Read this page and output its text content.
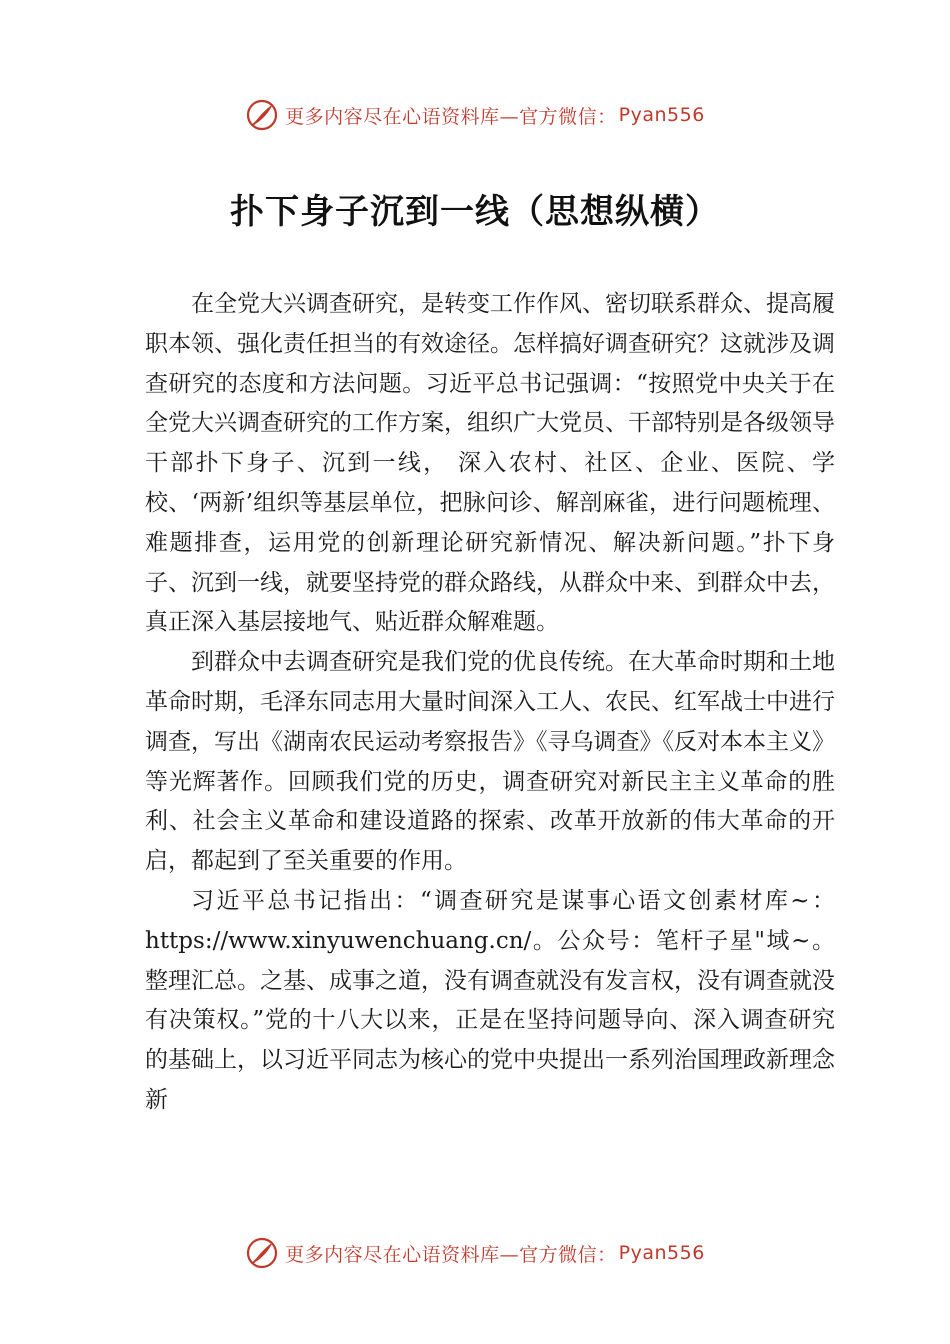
更多内容尽在心语资料库—官方微信： Pyan556
扑下身子沉到一线（思想纵横）

在全党大兴调查研究，是转变工作作风、密切联系群众、提高履职本领、强化责任担当的有效途径。怎样搞好调查研究？这就涉及调查研究的态度和方法问题。习近平总书记强调：“按照党中央关于在全党大兴调查研究的工作方案，组织广大党员、干部特别是各级领导干部扑下身子、沉到一线， 深入农村、社区、企业、医院、学校、‘两新’组织等基层单位，把脉问诊、解剖麻雀，进行问题梳理、难题排查，运用党的创新理论研究新情况、解决新问题。”扑下身子、沉到一线，就要坚持党的群众路线，从群众中来、到群众中去，真正深入基层接地气、贴近群众解难题。

到群众中去调查研究是我们党的优良传统。在大革命时期和土地革命时期，毛泽东同志用大量时间深入工人、农民、红军战士中进行调查，写出《湖南农民运动考察报告》《寻乌调查》《反对本本主义》等光辉著作。回顾我们党的历史，调查研究对新民主主义革命的胜利、社会主义革命和建设道路的探索、改革开放新的伟大革命的开启，都起到了至关重要的作用。

习近平总书记指出：“调查研究是谋事心语文创素材库~：https://www.xinyuwenchuang.cn/。公众号：笔杆子星"域~。整理汇总。之基、成事之道，没有调查就没有发言权，没有调查就没有决策权。”党的十八大以来，正是在坚持问题导向、深入调查研究的基础上，以习近平同志为核心的党中央提出一系列治国理政新理念新

更多内容尽在心语资料库—官方微信： Pyan556
